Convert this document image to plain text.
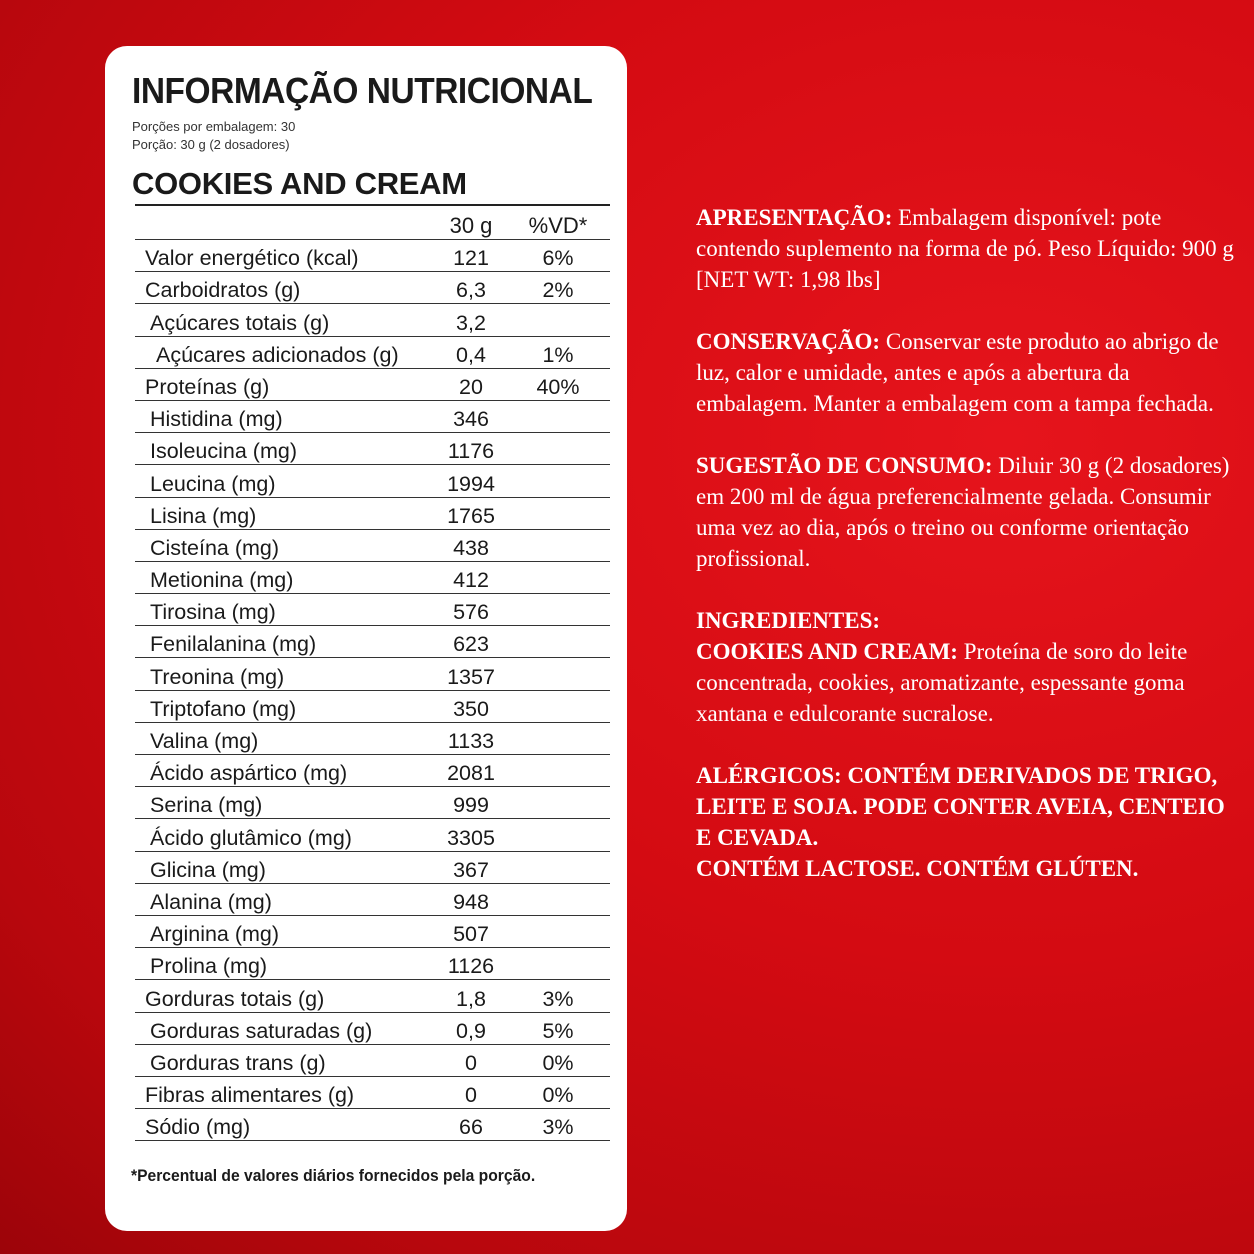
INFORMAÇÃO NUTRICIONAL
Porções por embalagem: 30
Porção: 30 g (2 dosadores)
COOKIES AND CREAM
	30 g	%VD*
Valor energético (kcal)	121	6%
Carboidratos (g)	6,3	2%
Açúcares totais (g)	3,2	
Açúcares adicionados (g)	0,4	1%
Proteínas (g)	20	40%
Histidina (mg)	346	
Isoleucina (mg)	1176	
Leucina (mg)	1994	
Lisina (mg)	1765	
Cisteína (mg)	438	
Metionina (mg)	412	
Tirosina (mg)	576	
Fenilalanina (mg)	623	
Treonina (mg)	1357	
Triptofano (mg)	350	
Valina (mg)	1133	
Ácido aspártico (mg)	2081	
Serina (mg)	999	
Ácido glutâmico (mg)	3305	
Glicina (mg)	367	
Alanina (mg)	948	
Arginina (mg)	507	
Prolina (mg)	1126	
Gorduras totais (g)	1,8	3%
Gorduras saturadas (g)	0,9	5%
Gorduras trans (g)	0	0%
Fibras alimentares (g)	0	0%
Sódio (mg)	66	3%
*Percentual de valores diários fornecidos pela porção.

APRESENTAÇÃO: Embalagem disponível: pote contendo suplemento na forma de pó. Peso Líquido: 900 g [NET WT: 1,98 lbs]

CONSERVAÇÃO: Conservar este produto ao abrigo de luz, calor e umidade, antes e após a abertura da embalagem. Manter a embalagem com a tampa fechada.

SUGESTÃO DE CONSUMO: Diluir 30 g (2 dosadores) em 200 ml de água preferencialmente gelada. Consumir uma vez ao dia, após o treino ou conforme orientação profissional.

INGREDIENTES:
COOKIES AND CREAM: Proteína de soro do leite concentrada, cookies, aromatizante, espessante goma xantana e edulcorante sucralose.

ALÉRGICOS: CONTÉM DERIVADOS DE TRIGO, LEITE E SOJA. PODE CONTER AVEIA, CENTEIO E CEVADA.
CONTÉM LACTOSE. CONTÉM GLÚTEN.
